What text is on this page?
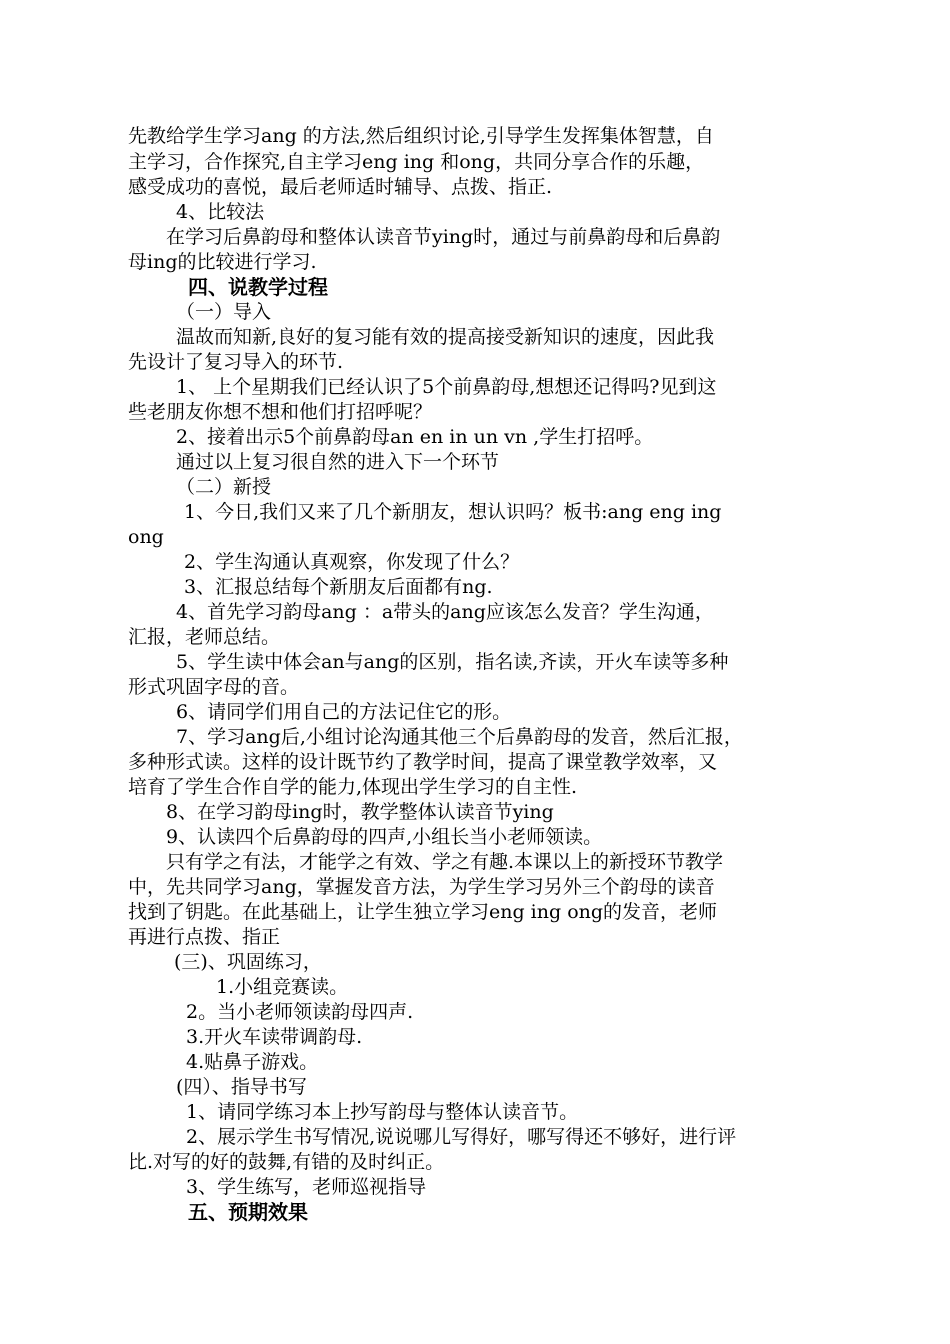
先教给学生学习ang 的方法,然后组织讨论,引导学生发挥集体智慧，自
主学习，合作探究,自主学习eng ing 和ong，共同分享合作的乐趣，
感受成功的喜悦，最后老师适时辅导、点拨、指正.
4、比较法
在学习后鼻韵母和整体认读音节ying时，通过与前鼻韵母和后鼻韵
母ing的比较进行学习.
四、说教学过程
（一）导入
温故而知新,良好的复习能有效的提高接受新知识的速度，因此我
先设计了复习导入的环节.
1、 上个星期我们已经认识了5个前鼻韵母,想想还记得吗?见到这
些老朋友你想不想和他们打招呼呢？
2、接着出示5个前鼻韵母an en in un vn ,学生打招呼。
通过以上复习很自然的进入下一个环节
（二）新授
1、今日,我们又来了几个新朋友，想认识吗？板书:ang eng ing
ong
2、学生沟通认真观察，你发现了什么？
3、汇报总结每个新朋友后面都有ng.
4、首先学习韵母ang ：a带头的ang应该怎么发音？学生沟通，
汇报，老师总结。
5、学生读中体会an与ang的区别，指名读,齐读，开火车读等多种
形式巩固字母的音。
6、请同学们用自己的方法记住它的形。
7、学习ang后,小组讨论沟通其他三个后鼻韵母的发音，然后汇报，
多种形式读。这样的设计既节约了教学时间，提高了课堂教学效率，又
培育了学生合作自学的能力,体现出学生学习的自主性.
8、在学习韵母ing时，教学整体认读音节ying
9、认读四个后鼻韵母的四声,小组长当小老师领读。
只有学之有法，才能学之有效、学之有趣.本课以上的新授环节教学
中，先共同学习ang，掌握发音方法，为学生学习另外三个韵母的读音
找到了钥匙。在此基础上，让学生独立学习eng ing ong的发音，老师
再进行点拨、指正
(三)、巩固练习，
1.小组竞赛读。
2。当小老师领读韵母四声.
3.开火车读带调韵母.
4.贴鼻子游戏。
(四）、指导书写
1、请同学练习本上抄写韵母与整体认读音节。
2、展示学生书写情况,说说哪儿写得好，哪写得还不够好，进行评
比.对写的好的鼓舞,有错的及时纠正。
3、学生练写，老师巡视指导
五、预期效果
